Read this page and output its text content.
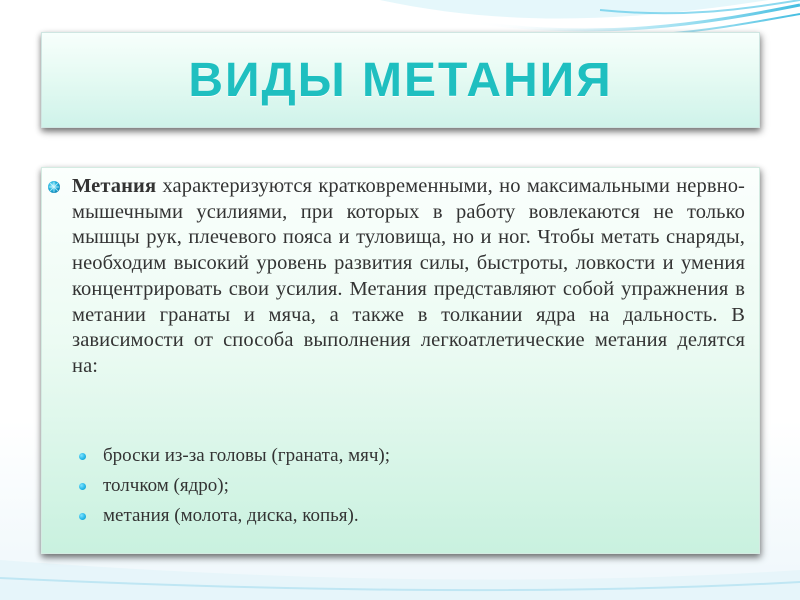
ВИДЫ МЕТАНИЯ

Метания характеризуются кратковременными, но максимальными нервно-мышечными усилиями, при которых в работу вовлекаются не только мышцы рук, плечевого пояса и туловища, но и ног. Чтобы метать снаряды, необходим высокий уровень развития силы, быстроты, ловкости и умения концентрировать свои усилия. Метания представляют собой упражнения в метании гранаты и мяча, а также в толкании ядра на дальность. В зависимости от способа выполнения легкоатлетические метания делятся на:

броски из-за головы (граната, мяч);
толчком (ядро);
метания (молота, диска, копья).
